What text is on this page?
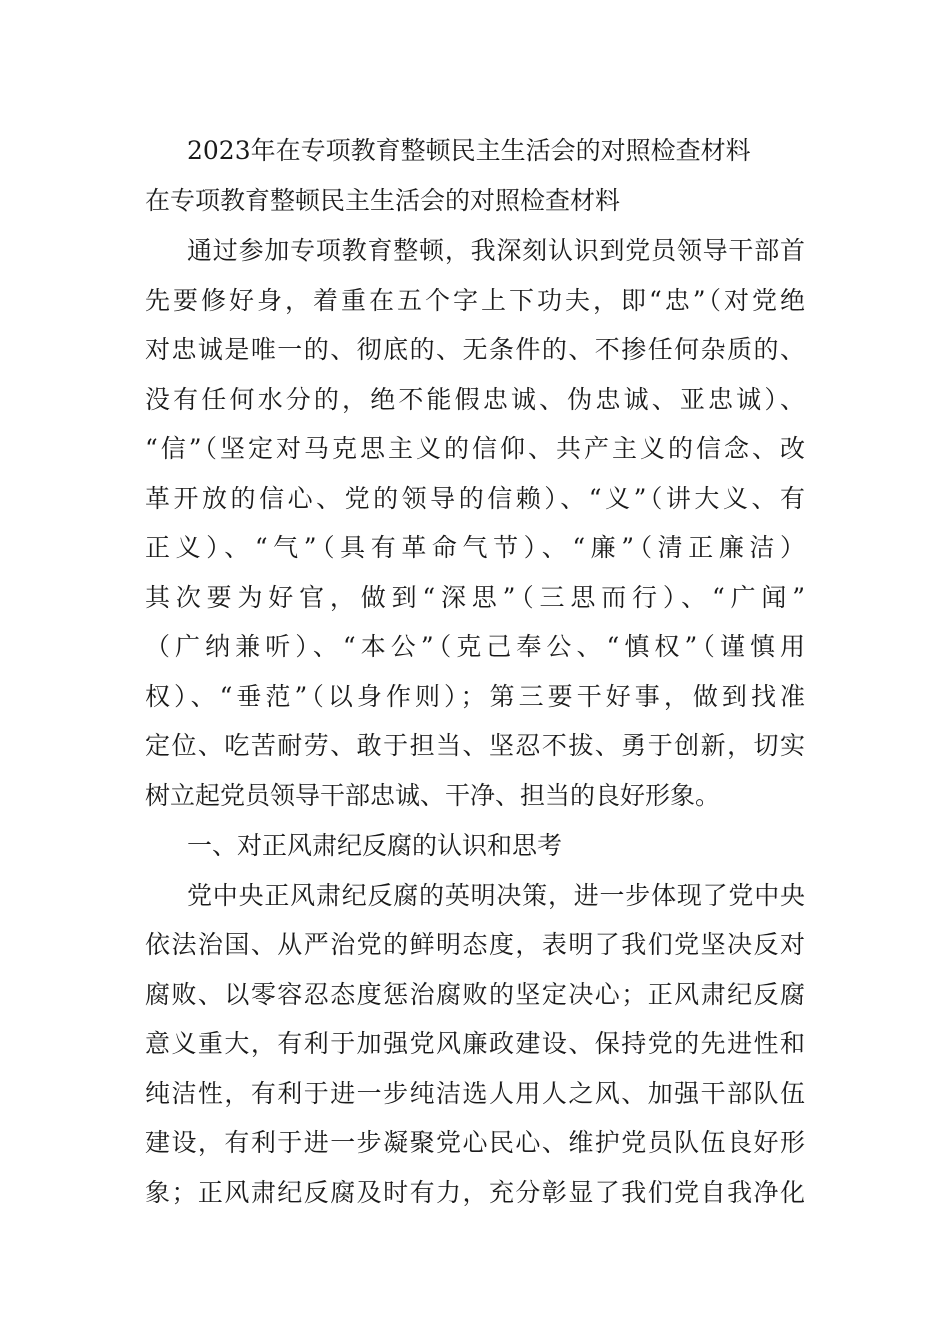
2023年在专项教育整顿民主生活会的对照检查材料
在专项教育整顿民主生活会的对照检查材料
通过参加专项教育整顿，我深刻认识到党员领导干部首
先要修好身，着重在五个字上下功夫，即“忠”（对党绝
对忠诚是唯一的、彻底的、无条件的、不掺任何杂质的、
没有任何水分的，绝不能假忠诚、伪忠诚、亚忠诚）、
“信”（坚定对马克思主义的信仰、共产主义的信念、改
革开放的信心、党的领导的信赖）、“义”（讲大义、有
正义）、“气”（具有革命气节）、“廉”（清正廉洁）
其次要为好官，做到“深思”（三思而行）、“广闻”
（广纳兼听）、“本公”（克己奉公、“慎权”（谨慎用
权）、“垂范”（以身作则）；第三要干好事，做到找准
定位、吃苦耐劳、敢于担当、坚忍不拔、勇于创新，切实
树立起党员领导干部忠诚、干净、担当的良好形象。
一、对正风肃纪反腐的认识和思考
党中央正风肃纪反腐的英明决策，进一步体现了党中央
依法治国、从严治党的鲜明态度，表明了我们党坚决反对
腐败、以零容忍态度惩治腐败的坚定决心；正风肃纪反腐
意义重大，有利于加强党风廉政建设、保持党的先进性和
纯洁性，有利于进一步纯洁选人用人之风、加强干部队伍
建设，有利于进一步凝聚党心民心、维护党员队伍良好形
象；正风肃纪反腐及时有力，充分彰显了我们党自我净化
